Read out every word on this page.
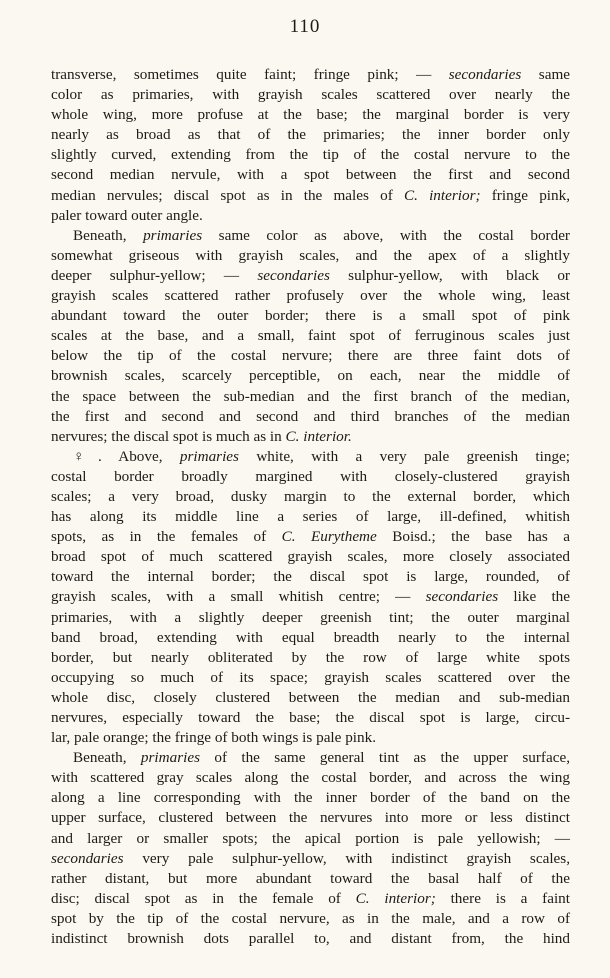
110

transverse, sometimes quite faint; fringe pink; — secondaries same

color as primaries, with grayish scales scattered over nearly the

whole wing, more profuse at the base; the marginal border is very

nearly as broad as that of the primaries; the inner border only

slightly curved, extending from the tip of the costal nervure to the

second median nervule, with a spot between the first and second

median nervules; discal spot as in the males of C. interior; fringe pink,

paler toward outer angle.

Beneath, primaries same color as above, with the costal border

somewhat griseous with grayish scales, and the apex of a slightly

deeper sulphur-yellow; — secondaries sulphur-yellow, with black or

grayish scales scattered rather profusely over the whole wing, least

abundant toward the outer border; there is a small spot of pink

scales at the base, and a small, faint spot of ferruginous scales just

below the tip of the costal nervure; there are three faint dots of

brownish scales, scarcely perceptible, on each, near the middle of

the space between the sub-median and the first branch of the median,

the first and second and second and third branches of the median

nervures; the discal spot is much as in C. interior.

♀. Above, primaries white, with a very pale greenish tinge;

costal border broadly margined with closely-clustered grayish

scales; a very broad, dusky margin to the external border, which

has along its middle line a series of large, ill-defined, whitish

spots, as in the females of C. Eurytheme Boisd.; the base has a

broad spot of much scattered grayish scales, more closely associated

toward the internal border; the discal spot is large, rounded, of

grayish scales, with a small whitish centre; — secondaries like the

primaries, with a slightly deeper greenish tint; the outer marginal

band broad, extending with equal breadth nearly to the internal

border, but nearly obliterated by the row of large white spots

occupying so much of its space; grayish scales scattered over the

whole disc, closely clustered between the median and sub-median

nervures, especially toward the base; the discal spot is large, circu-

lar, pale orange; the fringe of both wings is pale pink.

Beneath, primaries of the same general tint as the upper surface,

with scattered gray scales along the costal border, and across the wing

along a line corresponding with the inner border of the band on the

upper surface, clustered between the nervures into more or less distinct

and larger or smaller spots; the apical portion is pale yellowish; —

secondaries very pale sulphur-yellow, with indistinct grayish scales,

rather distant, but more abundant toward the basal half of the

disc; discal spot as in the female of C. interior; there is a faint

spot by the tip of the costal nervure, as in the male, and a row of

indistinct brownish dots parallel to, and distant from, the hind
